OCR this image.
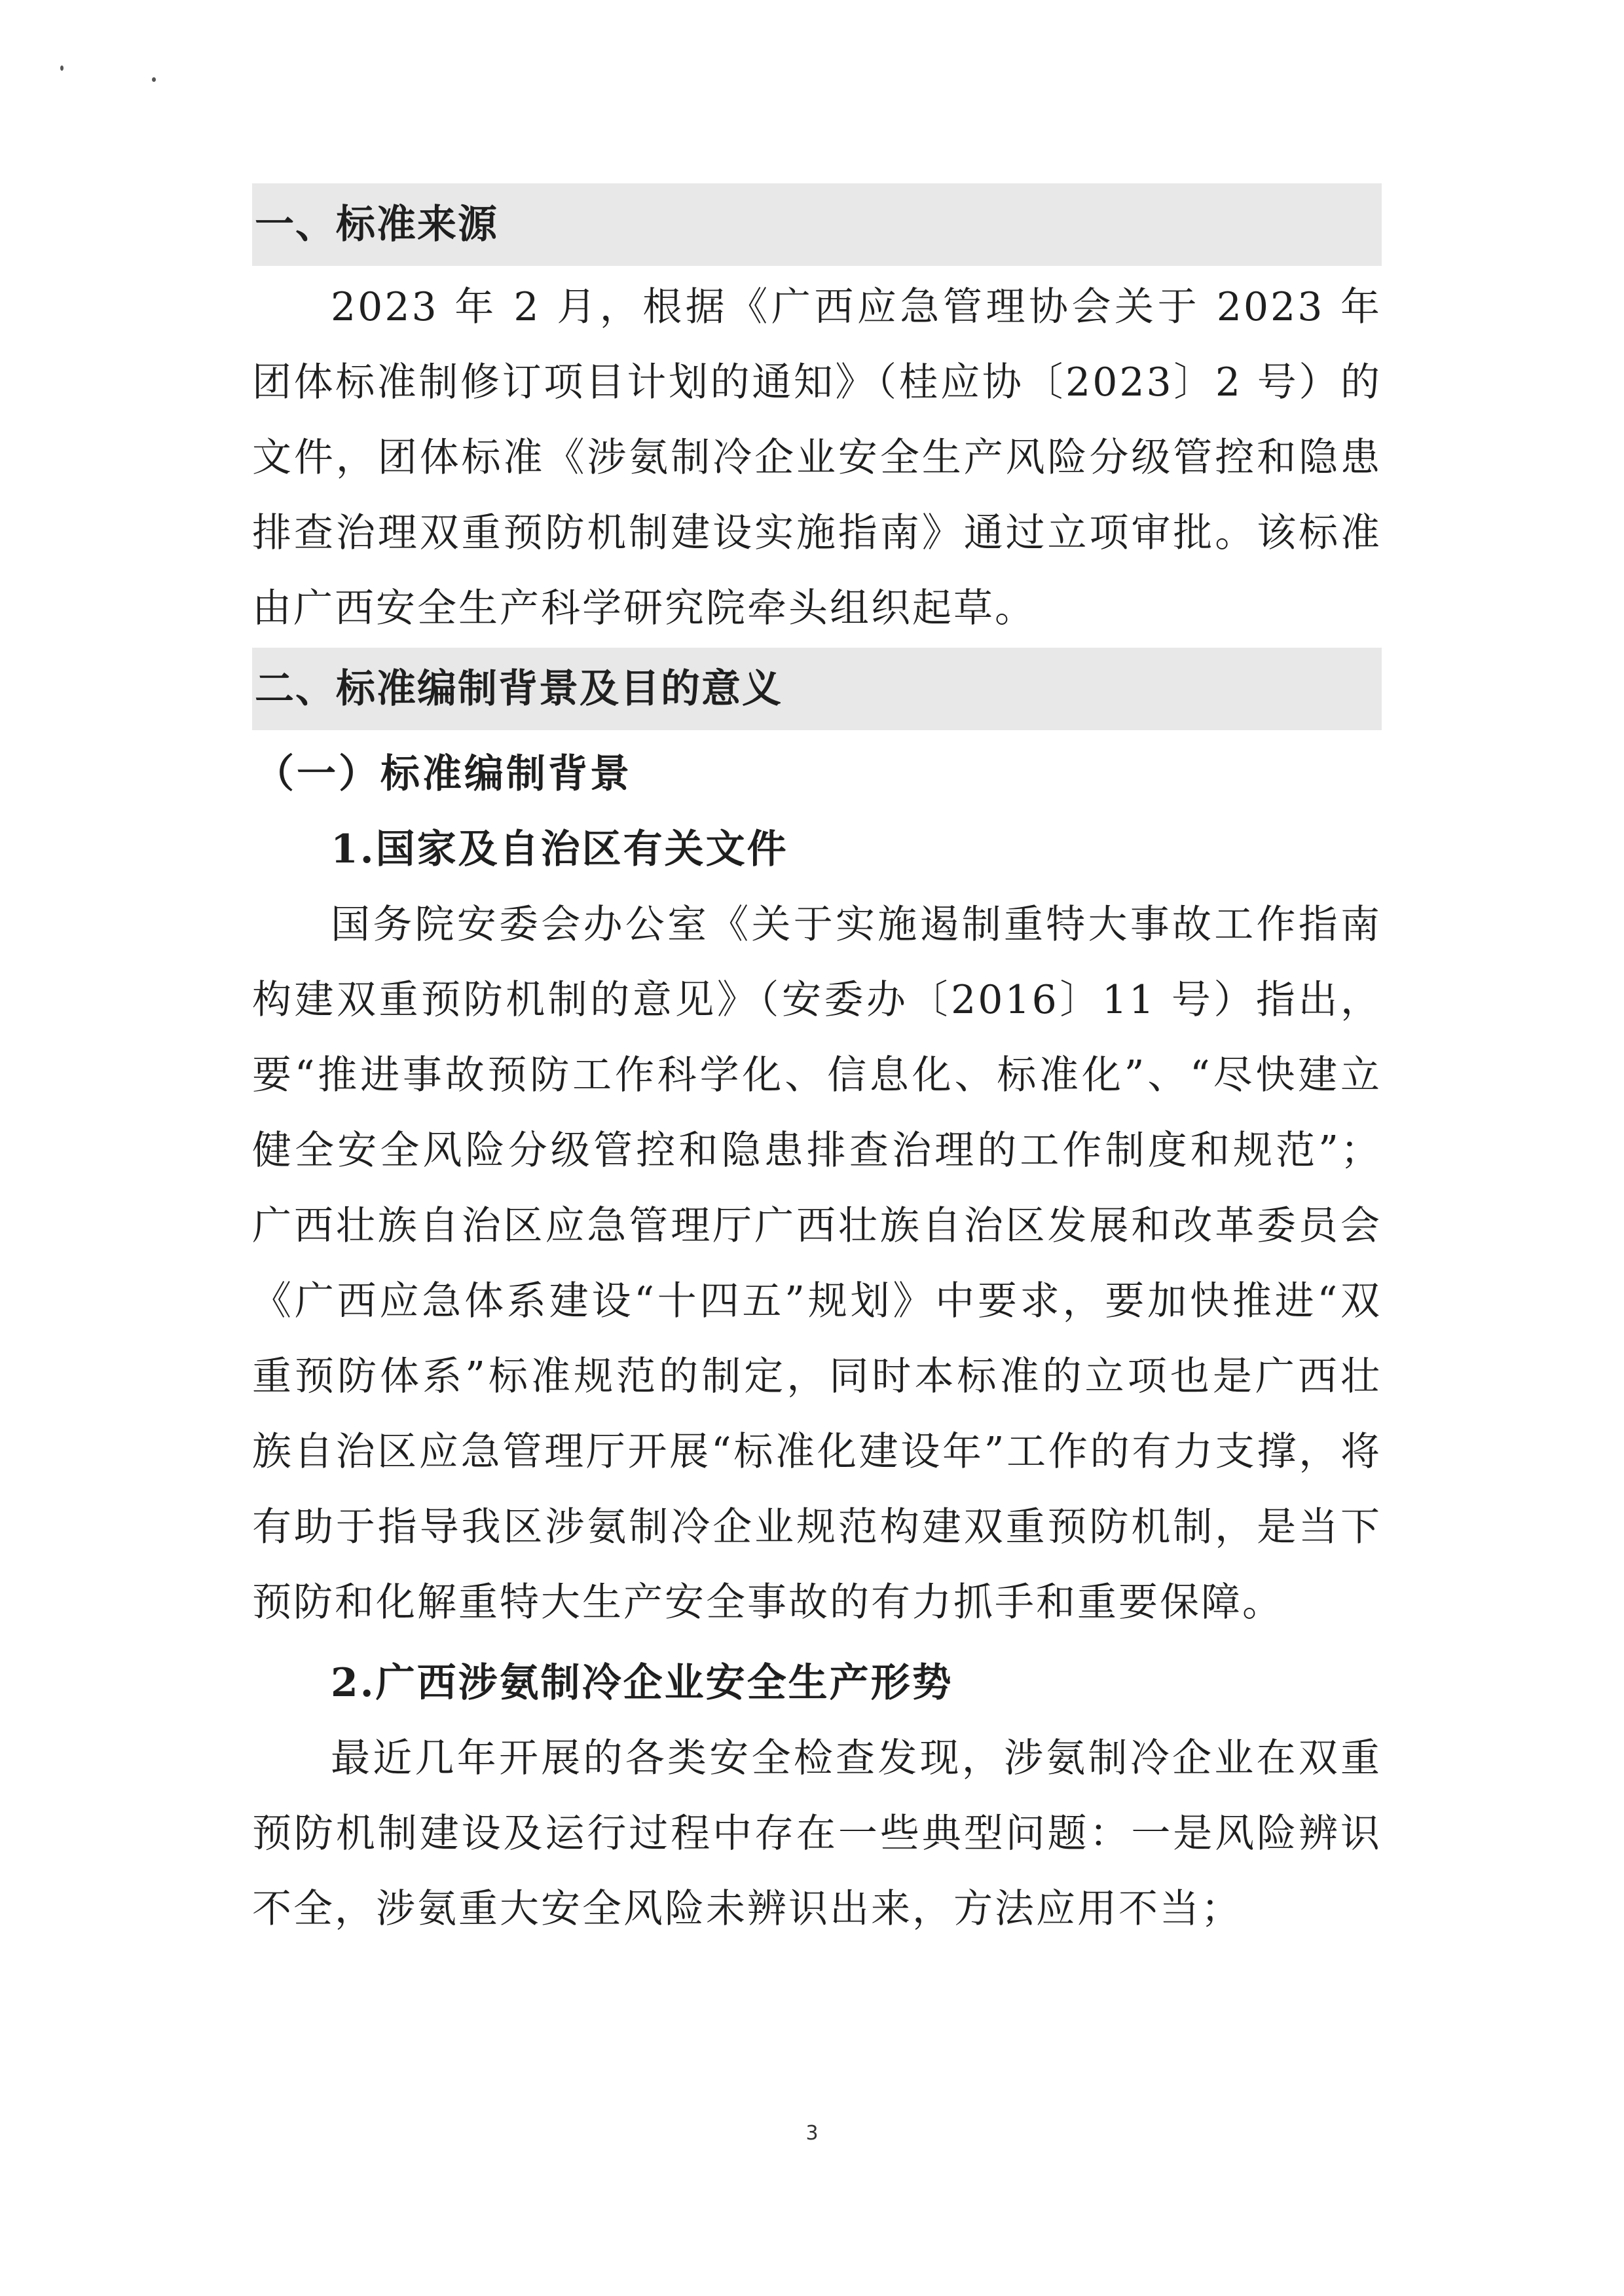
一、标准来源

2023 年 2 月，根据《广西应急管理协会关于 2023 年团体标准制修订项目计划的通知》（桂应协〔2023〕2 号）的文件，团体标准《涉氨制冷企业安全生产风险分级管控和隐患排查治理双重预防机制建设实施指南》通过立项审批。该标准由广西安全生产科学研究院牵头组织起草。

二、标准编制背景及目的意义
（一）标准编制背景
1.国家及自治区有关文件

国务院安委会办公室《关于实施遏制重特大事故工作指南构建双重预防机制的意见》（安委办〔2016〕11 号）指出，要“推进事故预防工作科学化、信息化、标准化”、“尽快建立健全安全风险分级管控和隐患排查治理的工作制度和规范”；广西壮族自治区应急管理厅广西壮族自治区发展和改革委员会《广西应急体系建设“十四五”规划》中要求，要加快推进“双重预防体系”标准规范的制定，同时本标准的立项也是广西壮族自治区应急管理厅开展“标准化建设年”工作的有力支撑，将有助于指导我区涉氨制冷企业规范构建双重预防机制，是当下预防和化解重特大生产安全事故的有力抓手和重要保障。

2.广西涉氨制冷企业安全生产形势

最近几年开展的各类安全检查发现，涉氨制冷企业在双重预防机制建设及运行过程中存在一些典型问题：一是风险辨识不全，涉氨重大安全风险未辨识出来，方法应用不当；

3
